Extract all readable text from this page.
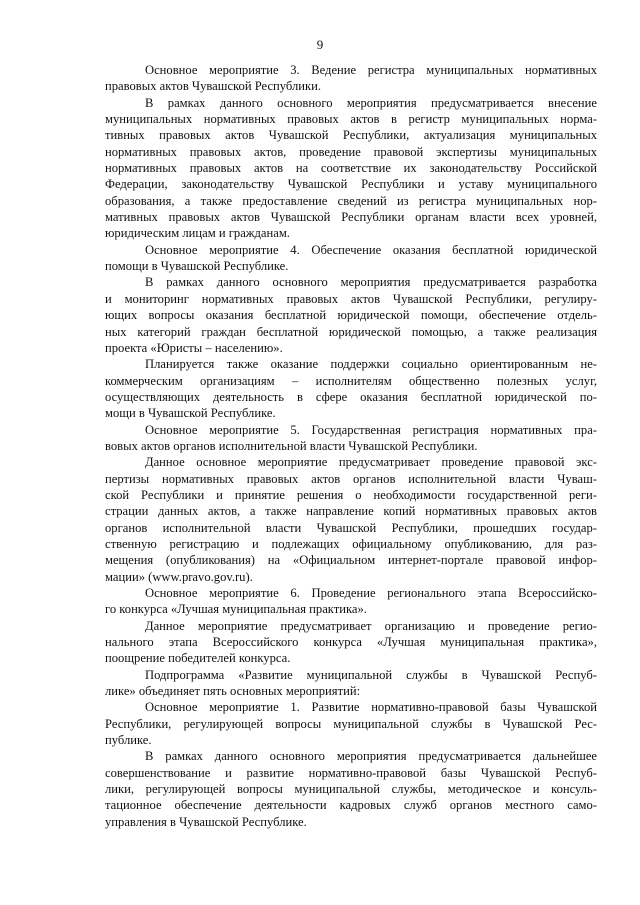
9
Основное мероприятие 3. Ведение регистра муниципальных нормативных
правовых актов Чувашской Республики.
В рамках данного основного мероприятия предусматривается внесение
муниципальных нормативных правовых актов в регистр муниципальных норма-
тивных правовых актов Чувашской Республики, актуализация муниципальных
нормативных правовых актов, проведение правовой экспертизы муниципальных
нормативных правовых актов на соответствие их законодательству Российской
Федерации, законодательству Чувашской Республики и уставу муниципального
образования, а также предоставление сведений из регистра муниципальных нор-
мативных правовых актов Чувашской Республики органам власти всех уровней,
юридическим лицам и гражданам.
Основное мероприятие 4. Обеспечение оказания бесплатной юридической
помощи в Чувашской Республике.
В рамках данного основного мероприятия предусматривается разработка
и мониторинг нормативных правовых актов Чувашской Республики, регулиру-
ющих вопросы оказания бесплатной юридической помощи, обеспечение отдель-
ных категорий граждан бесплатной юридической помощью, а также реализация
проекта «Юристы – населению».
Планируется также оказание поддержки социально ориентированным не-
коммерческим организациям – исполнителям общественно полезных услуг,
осуществляющих деятельность в сфере оказания бесплатной юридической по-
мощи в Чувашской Республике.
Основное мероприятие 5. Государственная регистрация нормативных пра-
вовых актов органов исполнительной власти Чувашской Республики.
Данное основное мероприятие предусматривает проведение правовой экс-
пертизы нормативных правовых актов органов исполнительной власти Чуваш-
ской Республики и принятие решения о необходимости государственной реги-
страции данных актов, а также направление копий нормативных правовых актов
органов исполнительной власти Чувашской Республики, прошедших государ-
ственную регистрацию и подлежащих официальному опубликованию, для раз-
мещения (опубликования) на «Официальном интернет-портале правовой инфор-
мации» (www.pravo.gov.ru).
Основное мероприятие 6. Проведение регионального этапа Всероссийско-
го конкурса «Лучшая муниципальная практика».
Данное мероприятие предусматривает организацию и проведение регио-
нального этапа Всероссийского конкурса «Лучшая муниципальная практика»,
поощрение победителей конкурса.
Подпрограмма «Развитие муниципальной службы в Чувашской Респуб-
лике» объединяет пять основных мероприятий:
Основное мероприятие 1. Развитие нормативно-правовой базы Чувашской
Республики, регулирующей вопросы муниципальной службы в Чувашской Рес-
публике.
В рамках данного основного мероприятия предусматривается дальнейшее
совершенствование и развитие нормативно-правовой базы Чувашской Респуб-
лики, регулирующей вопросы муниципальной службы, методическое и консуль-
тационное обеспечение деятельности кадровых служб органов местного само-
управления в Чувашской Республике.
